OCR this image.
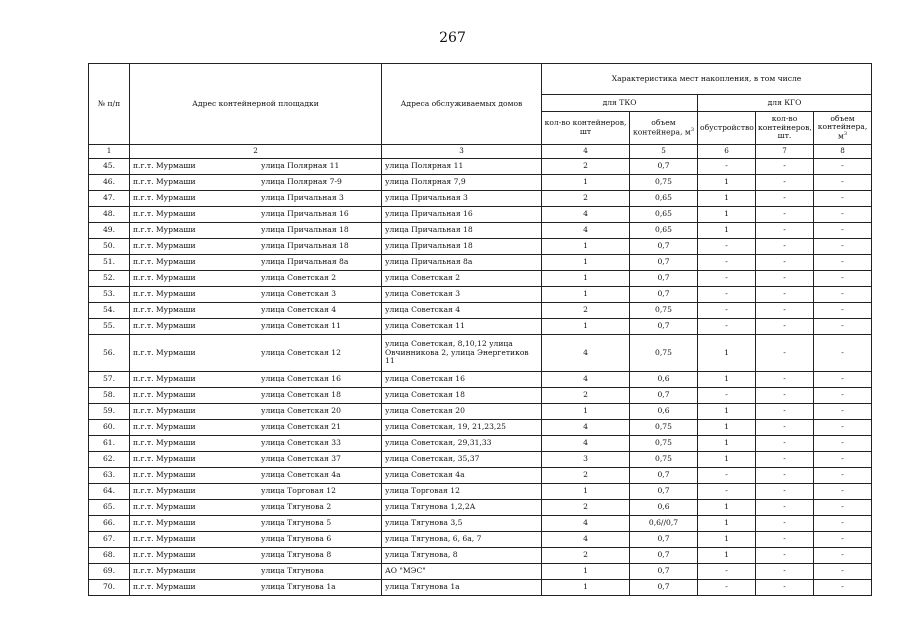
267
№ п/п	Адрес контейнерной площадки	Адреса обслуживаемых домов	Характеристика мест накопления, в том числе				
			для ТКО		для КГО		
			кол-во контейнеров, шт	объем контейнера, $м^3$	обустройство	кол-во контейнеров, шт.	объем контейнера, $м^3$
1	2	3	4	5	6	7	8
45.	п.г.т. Мурмаши улица Полярная 11	улица Полярная 11	2	0,7	-	-	-
46.	п.г.т. Мурмаши улица Полярная 7-9	улица Полярная 7,9	1	0,75	1	-	-
47.	п.г.т. Мурмаши улица Причальная 3	улица Причальная 3	2	0,65	1	-	-
48.	п.г.т. Мурмаши улица Причальная 16	улица Причальная 16	4	0,65	1	-	-
49.	п.г.т. Мурмаши улица Причальная 18	улица Причальная 18	4	0,65	1	-	-
50.	п.г.т. Мурмаши улица Причальная 18	улица Причальная 18	1	0,7	-	-	-
51.	п.г.т. Мурмаши улица Причальная 8а	улица Причальная 8а	1	0,7	-	-	-
52.	п.г.т. Мурмаши улица Советская 2	улица Советская 2	1	0,7	-	-	-
53.	п.г.т. Мурмаши улица Советская 3	улица Советская 3	1	0,7	-	-	-
54.	п.г.т. Мурмаши улица Советская 4	улица Советская 4	2	0,75	-	-	-
55.	п.г.т. Мурмаши улица Советская 11	улица Советская 11	1	0,7	-	-	-
56.	п.г.т. Мурмаши улица Советская 12	улица Советская, 8,10,12 улица Овчинникова 2, улица Энергетиков 11	4	0,75	1	-	-
57.	п.г.т. Мурмаши улица Советская 16	улица Советская 16	4	0,6	1	-	-
58.	п.г.т. Мурмаши улица Советская 18	улица Советская 18	2	0,7	-	-	-
59.	п.г.т. Мурмаши улица Советская 20	улица Советская 20	1	0,6	1	-	-
60.	п.г.т. Мурмаши улица Советская 21	улица Советская, 19, 21,23,25	4	0,75	1	-	-
61.	п.г.т. Мурмаши улица Советская 33	улица Советская, 29,31,33	4	0,75	1	-	-
62.	п.г.т. Мурмаши улица Советская 37	улица Советская, 35,37	3	0,75	1	-	-
63.	п.г.т. Мурмаши улица Советская 4а	улица Советская 4а	2	0,7	-	-	-
64.	п.г.т. Мурмаши улица Торговая 12	улица Торговая 12	1	0,7	-	-	-
65.	п.г.т. Мурмаши улица Тягунова 2	улица Тягунова 1,2,2А	2	0,6	1	-	-
66.	п.г.т. Мурмаши улица Тягунова 5	улица Тягунова 3,5	4	0,6//0,7	1	-	-
67.	п.г.т. Мурмаши улица Тягунова 6	улица Тягунова, 6, 6а, 7	4	0,7	1	-	-
68.	п.г.т. Мурмаши улица Тягунова 8	улица Тягунова, 8	2	0,7	1	-	-
69.	п.г.т. Мурмаши улица Тягунова	АО "МЭС"	1	0,7	-	-	-
70.	п.г.т. Мурмаши улица Тягунова 1а	улица Тягунова 1а	1	0,7	-	-	-
